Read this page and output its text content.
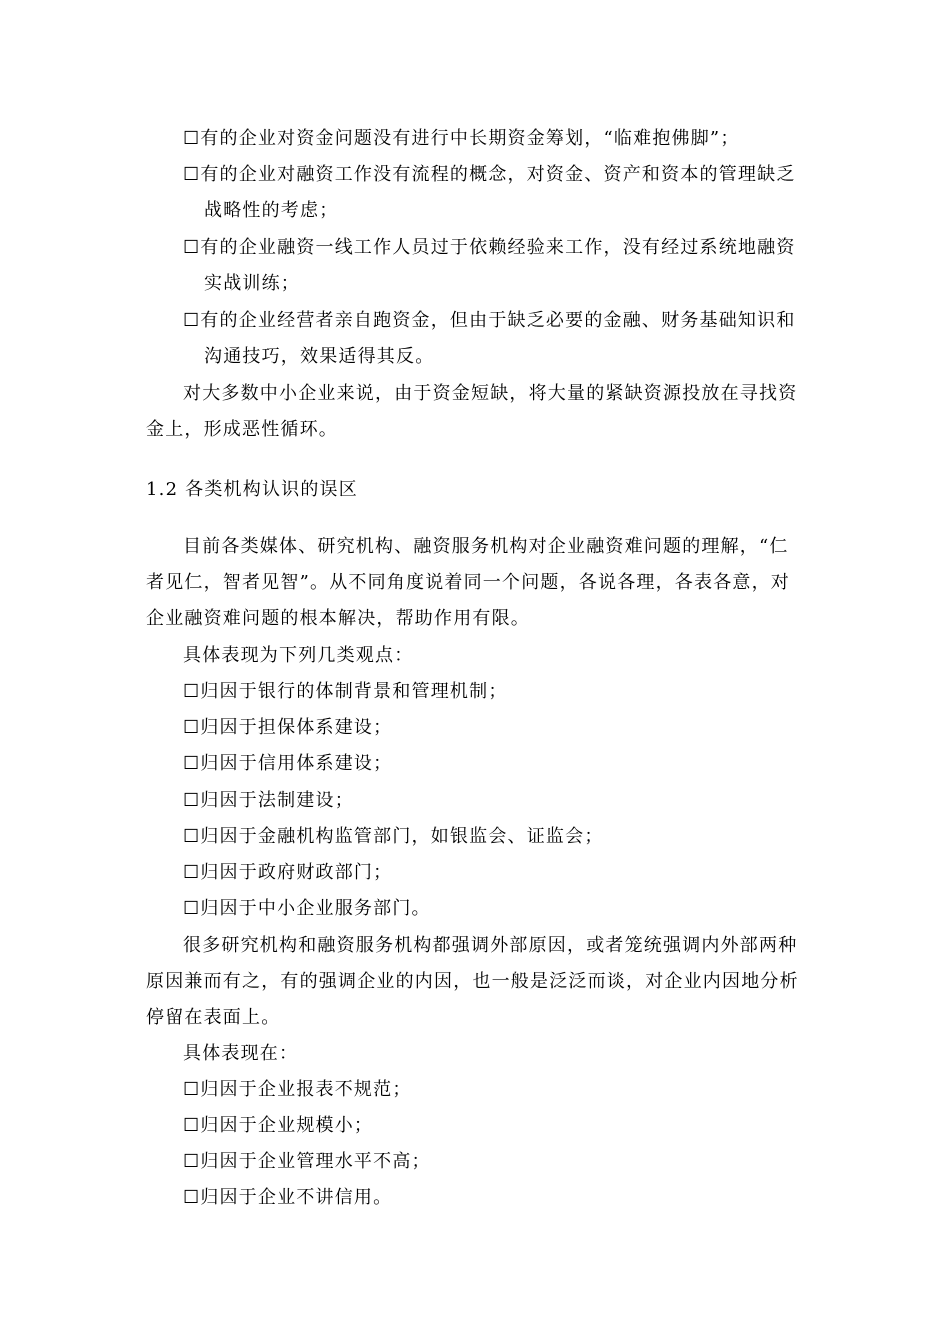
☐有的企业对资金问题没有进行中长期资金筹划，“临难抱佛脚”；
☐有的企业对融资工作没有流程的概念，对资金、资产和资本的管理缺乏
战略性的考虑；
☐有的企业融资一线工作人员过于依赖经验来工作，没有经过系统地融资
实战训练；
☐有的企业经营者亲自跑资金，但由于缺乏必要的金融、财务基础知识和
沟通技巧，效果适得其反。
对大多数中小企业来说，由于资金短缺，将大量的紧缺资源投放在寻找资
金上，形成恶性循环。
1.2 各类机构认识的误区
目前各类媒体、研究机构、融资服务机构对企业融资难问题的理解，“仁
者见仁，智者见智”。从不同角度说着同一个问题，各说各理，各表各意，对
企业融资难问题的根本解决，帮助作用有限。
具体表现为下列几类观点：
☐归因于银行的体制背景和管理机制；
☐归因于担保体系建设；
☐归因于信用体系建设；
☐归因于法制建设；
☐归因于金融机构监管部门，如银监会、证监会；
☐归因于政府财政部门；
☐归因于中小企业服务部门。
很多研究机构和融资服务机构都强调外部原因，或者笼统强调内外部两种
原因兼而有之，有的强调企业的内因，也一般是泛泛而谈，对企业内因地分析
停留在表面上。
具体表现在：
☐归因于企业报表不规范；
☐归因于企业规模小；
☐归因于企业管理水平不高；
☐归因于企业不讲信用。
